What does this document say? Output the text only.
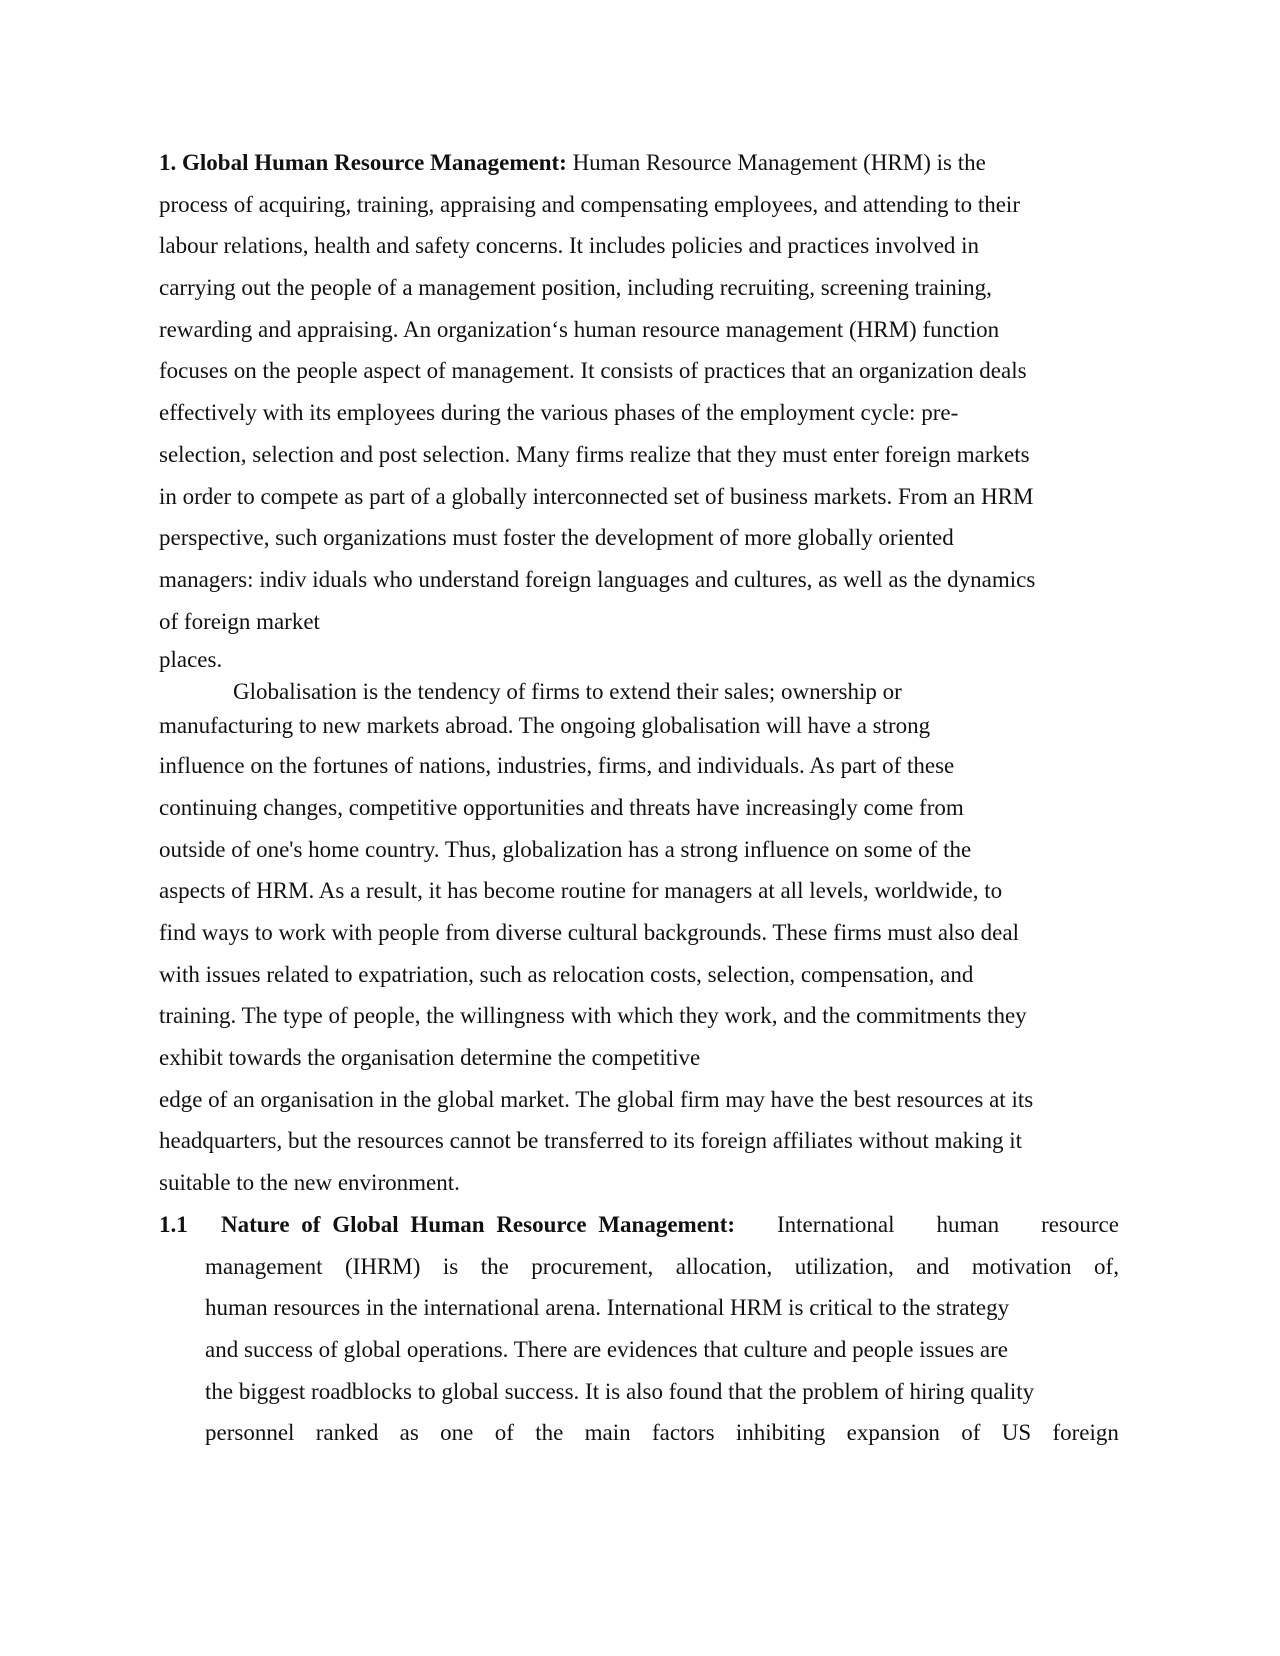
1. Global Human Resource Management: Human Resource Management (HRM) is the
process of acquiring, training, appraising and compensating employees, and attending to their
labour relations, health and safety concerns. It includes policies and practices involved in
carrying out the people of a management position, including recruiting, screening training,
rewarding and appraising. An organization‘s human resource management (HRM) function
focuses on the people aspect of management. It consists of practices that an organization deals
effectively with its employees during the various phases of the employment cycle: pre-
selection, selection and post selection. Many firms realize that they must enter foreign markets
in order to compete as part of a globally interconnected set of business markets. From an HRM
perspective, such organizations must foster the development of more globally oriented
managers: indiv iduals who understand foreign languages and cultures, as well as the dynamics
of foreign market
places.
Globalisation is the tendency of firms to extend their sales; ownership or
manufacturing to new markets abroad. The ongoing globalisation will have a strong
influence on the fortunes of nations, industries, firms, and individuals. As part of these
continuing changes, competitive opportunities and threats have increasingly come from
outside of one's home country. Thus, globalization has a strong influence on some of the
aspects of HRM. As a result, it has become routine for managers at all levels, worldwide, to
find ways to work with people from diverse cultural backgrounds. These firms must also deal
with issues related to expatriation, such as relocation costs, selection, compensation, and
training. The type of people, the willingness with which they work, and the commitments they
exhibit towards the organisation determine the competitive
edge of an organisation in the global market. The global firm may have the best resources at its
headquarters, but the resources cannot be transferred to its foreign affiliates without making it
suitable to the new environment.
1.1 Nature of Global Human Resource Management: International human resource
management (IHRM) is the procurement, allocation, utilization, and motivation of,
human resources in the international arena. International HRM is critical to the strategy
and success of global operations. There are evidences that culture and people issues are
the biggest roadblocks to global success. It is also found that the problem of hiring quality
personnel ranked as one of the main factors inhibiting expansion of US foreign
